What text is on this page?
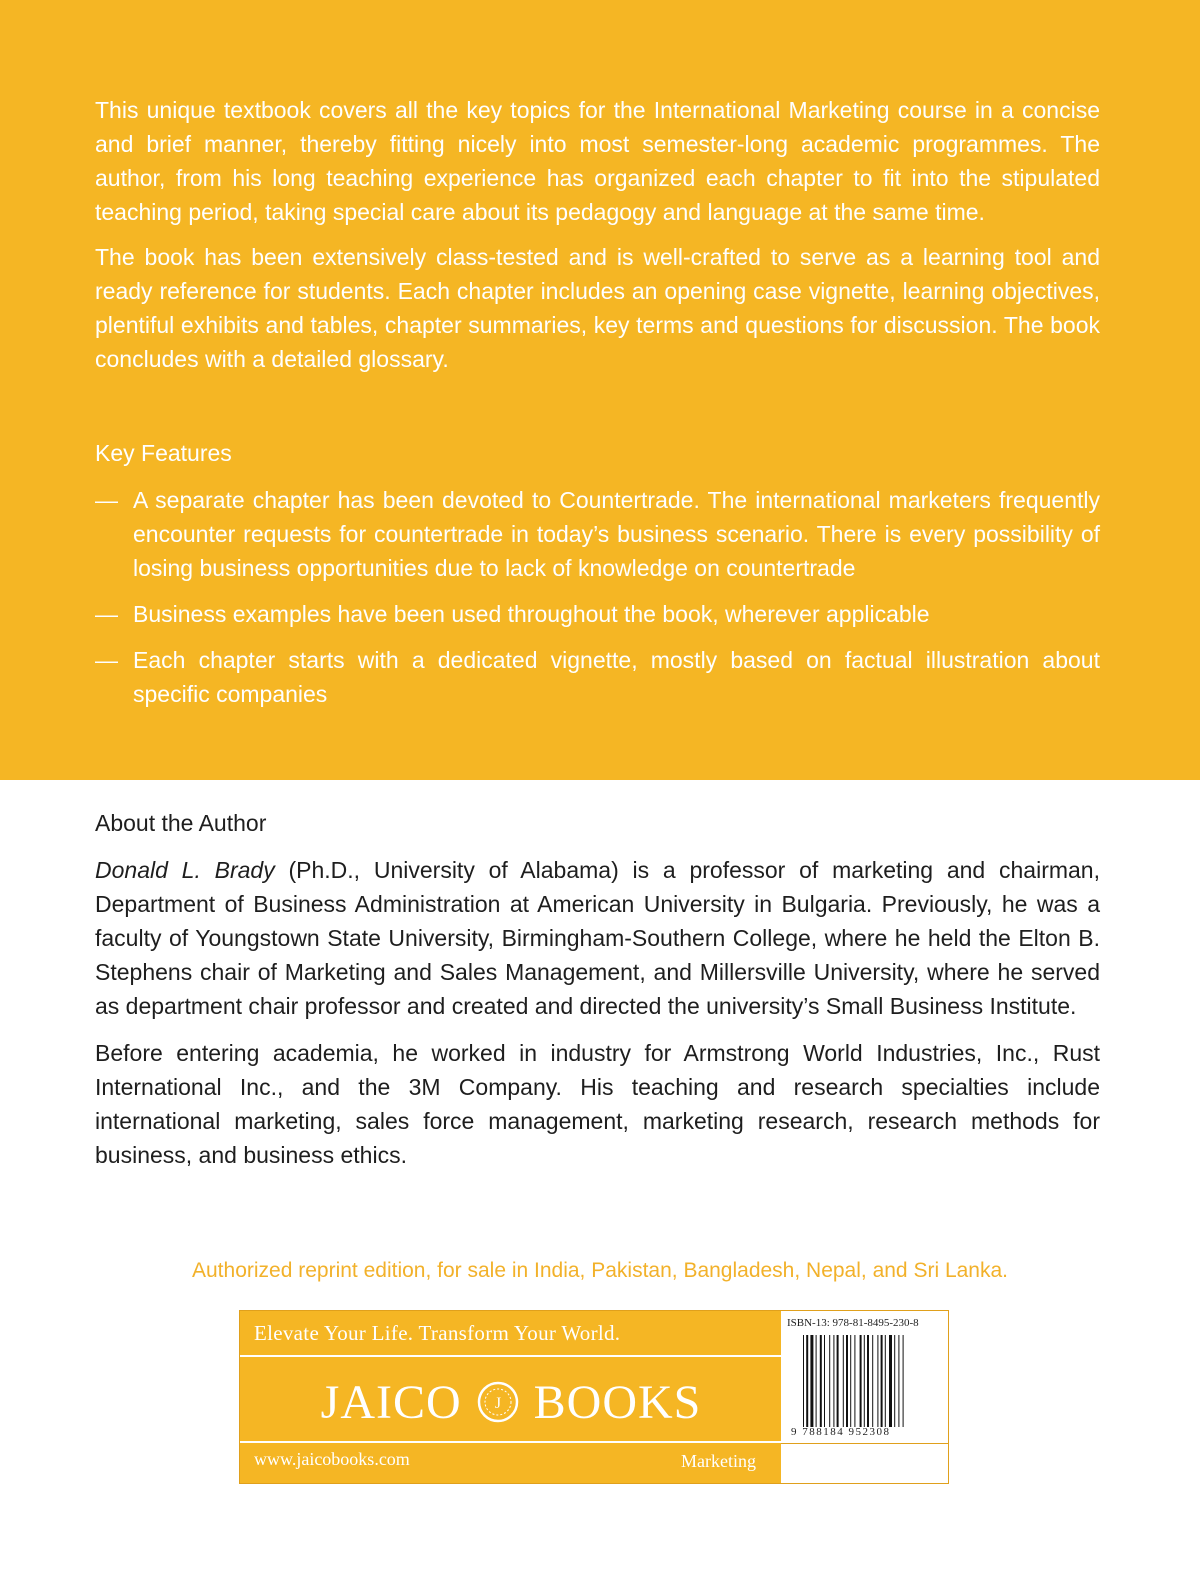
This unique textbook covers all the key topics for the International Marketing course in a concise and brief manner, thereby fitting nicely into most semester-long academic programmes. The author, from his long teaching experience has organized each chapter to fit into the stipulated teaching period, taking special care about its pedagogy and language at the same time.

The book has been extensively class-tested and is well-crafted to serve as a learning tool and ready reference for students. Each chapter includes an opening case vignette, learning objectives, plentiful exhibits and tables, chapter summaries, key terms and questions for discussion. The book concludes with a detailed glossary.

Key Features

— A separate chapter has been devoted to Countertrade. The international marketers frequently encounter requests for countertrade in today’s business scenario. There is every possibility of losing business opportunities due to lack of knowledge on countertrade
— Business examples have been used throughout the book, wherever applicable
— Each chapter starts with a dedicated vignette, mostly based on factual illustration about specific companies

About the Author

Donald L. Brady (Ph.D., University of Alabama) is a professor of marketing and chairman, Department of Business Administration at American University in Bulgaria. Previously, he was a faculty of Youngstown State University, Birmingham-Southern College, where he held the Elton B. Stephens chair of Marketing and Sales Management, and Millersville University, where he served as department chair professor and created and directed the university’s Small Business Institute.

Before entering academia, he worked in industry for Armstrong World Industries, Inc., Rust International Inc., and the 3M Company. His teaching and research specialties include international marketing, sales force management, marketing research, research methods for business, and business ethics.

Authorized reprint edition, for sale in India, Pakistan, Bangladesh, Nepal, and Sri Lanka.
Elevate Your Life. Transform Your World.
JAICO J BOOKS
www.jaicobooks.com	Marketing
ISBN-13: 978-81-8495-230-8
9 788184 952308
